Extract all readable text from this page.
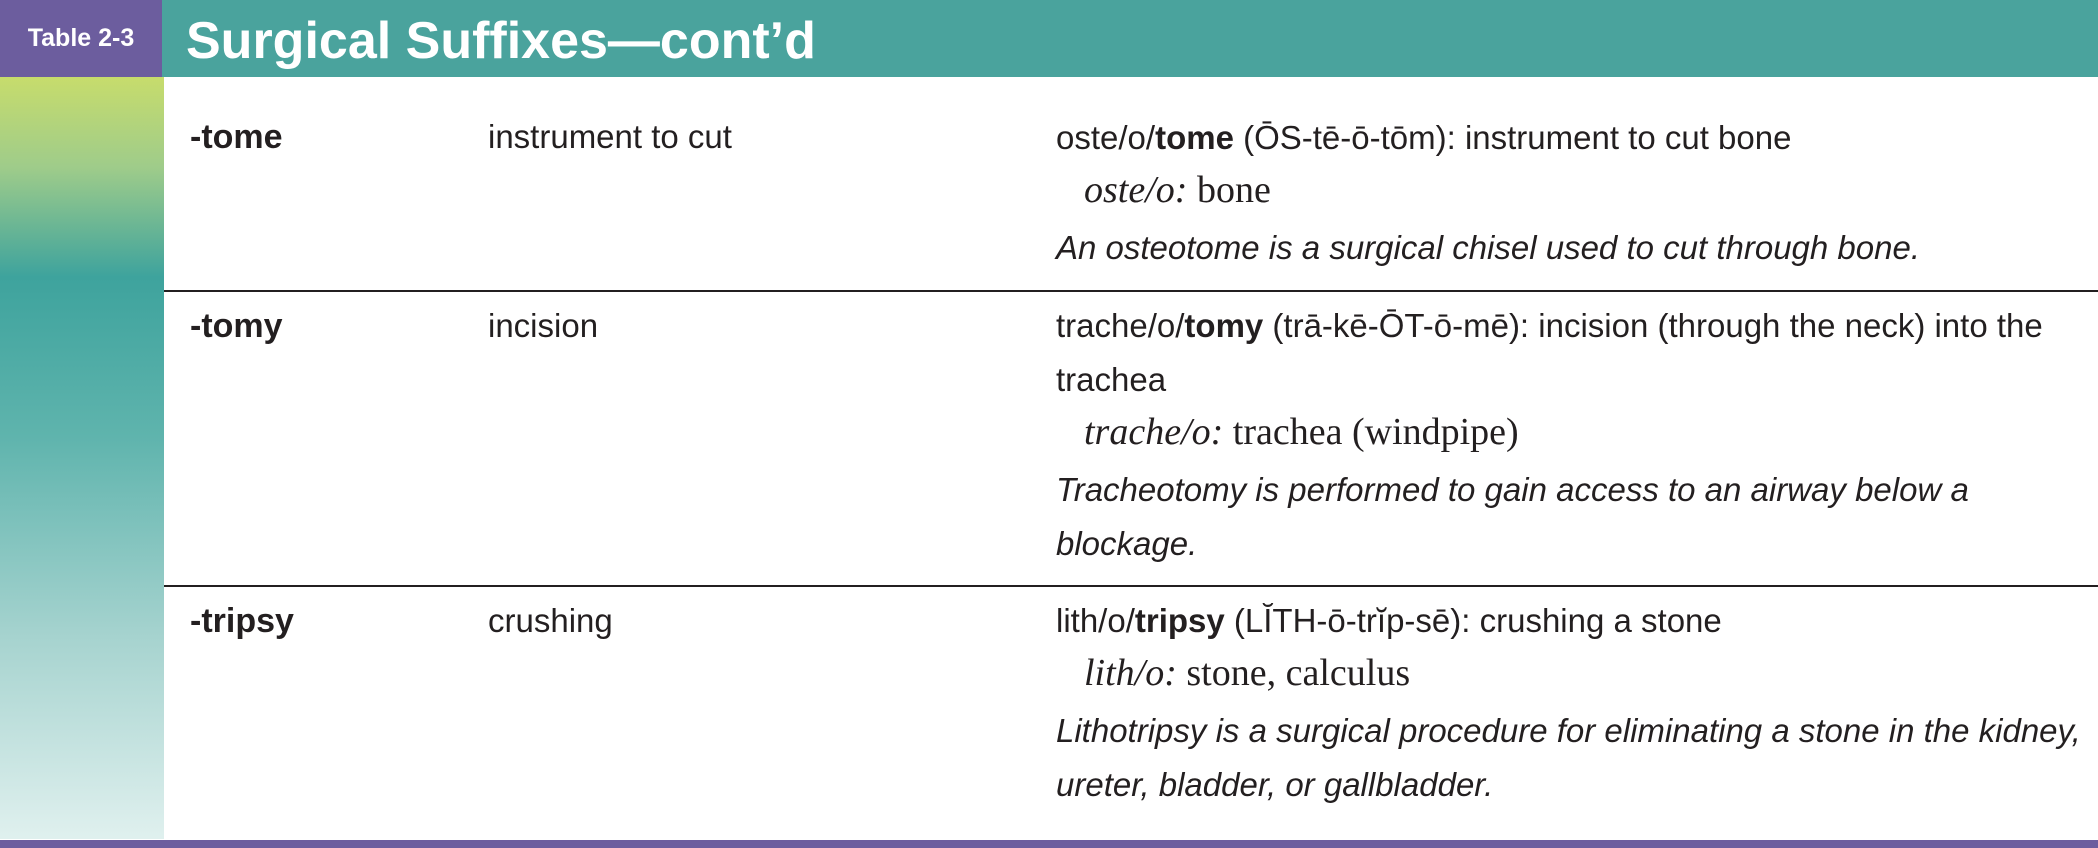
Table 2-3 Surgical Suffixes—cont’d
-tome	instrument to cut	oste/o/tome (ŌS-tē-ō-tōm): instrument to cut bone
oste/o: bone
An osteotome is a surgical chisel used to cut through bone.
-tomy	incision	trache/o/tomy (trā-kē-ŌT-ō-mē): incision (through the neck) into the trachea
trache/o: trachea (windpipe)
Tracheotomy is performed to gain access to an airway below a blockage.
-tripsy	crushing	lith/o/tripsy (LĬTH-ō-trĭp-sē): crushing a stone
lith/o: stone, calculus
Lithotripsy is a surgical procedure for eliminating a stone in the kidney, ureter, bladder, or gallbladder.
